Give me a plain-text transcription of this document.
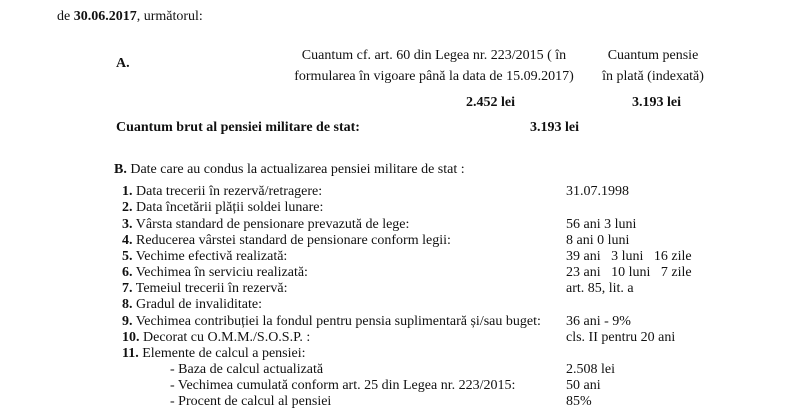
de 30.06.2017, următorul:
A.
Cuantum cf. art. 60 din Legea nr. 223/2015 ( în
formularea în vigoare până la data de 15.09.2017)
Cuantum pensie
în plată (indexată)
2.452 lei	3.193 lei
Cuantum brut al pensiei militare de stat:	3.193 lei
B. Date care au condus la actualizarea pensiei militare de stat :
1. Data trecerii în rezervă/retragere:	31.07.1998
2. Data încetării plății soldei lunare:
3. Vârsta standard de pensionare prevazută de lege:	56 ani 3 luni
4. Reducerea vârstei standard de pensionare conform legii:	8 ani 0 luni
5. Vechime efectivă realizată:	39 ani   3 luni   16 zile
6. Vechimea în serviciu realizată:	23 ani   10 luni   7 zile
7. Temeiul trecerii în rezervă:	art. 85, lit. a
8. Gradul de invaliditate:
9. Vechimea contribuției la fondul pentru pensia suplimentară și/sau buget: 36 ani - 9%
10. Decorat cu O.M.M./S.O.S.P. :	cls. II pentru 20 ani
11. Elemente de calcul a pensiei:
- Baza de calcul actualizată	2.508 lei
- Vechimea cumulată conform art. 25 din Legea nr. 223/2015:	50 ani
- Procent de calcul al pensiei	85%
